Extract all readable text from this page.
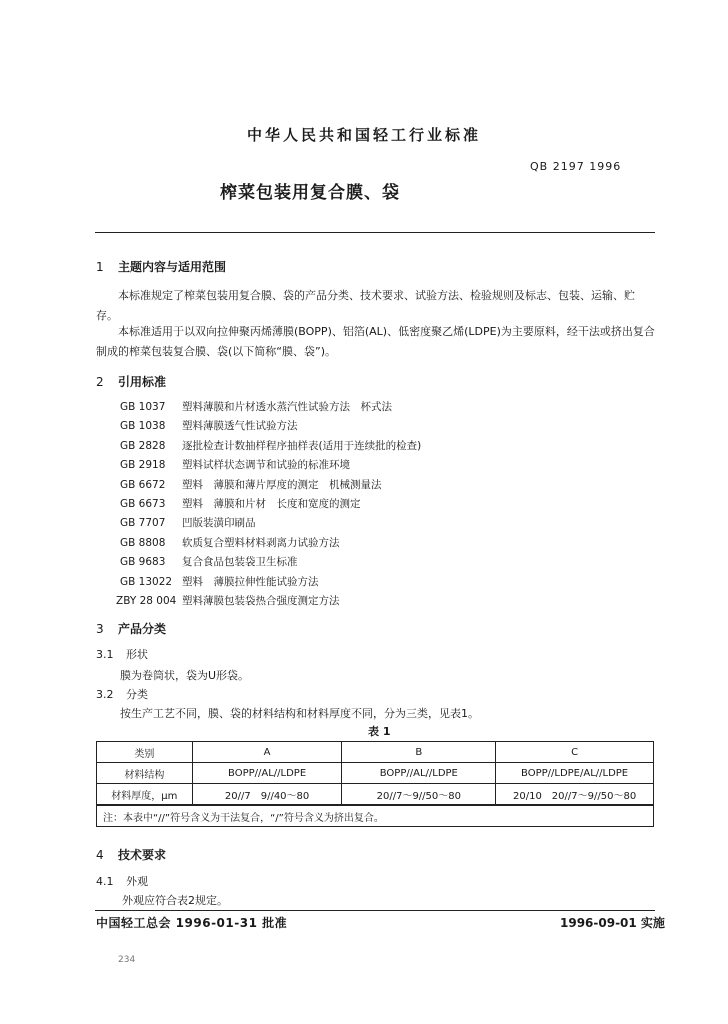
中华人民共和国轻工行业标准
QB 2197 1996
榨菜包装用复合膜、袋
1 主题内容与适用范围
本标准规定了榨菜包装用复合膜、袋的产品分类、技术要求、试验方法、检验规则及标志、包装、运输、贮存。
本标准适用于以双向拉伸聚丙烯薄膜(BOPP)、铝箔(AL)、低密度聚乙烯(LDPE)为主要原料，经干法或挤出复合制成的榨菜包装复合膜、袋(以下简称“膜、袋”)。
2 引用标准
GB 1037 塑料薄膜和片材透水蒸汽性试验方法　杯式法
GB 1038 塑料薄膜透气性试验方法
GB 2828 逐批检查计数抽样程序抽样表(适用于连续批的检查)
GB 2918 塑料试样状态调节和试验的标准环境
GB 6672 塑料　薄膜和薄片厚度的测定　机械测量法
GB 6673 塑料　薄膜和片材　长度和宽度的测定
GB 7707 凹版装潢印刷品
GB 8808 软质复合塑料材料剥离力试验方法
GB 9683 复合食品包装袋卫生标准
GB 13022 塑料　薄膜拉伸性能试验方法
ZBY 28 004 塑料薄膜包装袋热合强度测定方法
3 产品分类
3.1 形状
膜为卷筒状，袋为U形袋。
3.2 分类
按生产工艺不同，膜、袋的材料结构和材料厚度不同，分为三类，见表1。
表 1
类别	A	B	C
材料结构	BOPP//AL//LDPE	BOPP//AL//LDPE	BOPP//LDPE/AL//LDPE
材料厚度，μm	20//7　9//40～80	20//7～9//50～80	20/10　20//7～9//50～80
注：本表中“//”符号含义为干法复合，“/”符号含义为挤出复合。			
4 技术要求
4.1 外观
外观应符合表2规定。
中国轻工总会 1996-01-31 批准	1996-09-01 实施
234
